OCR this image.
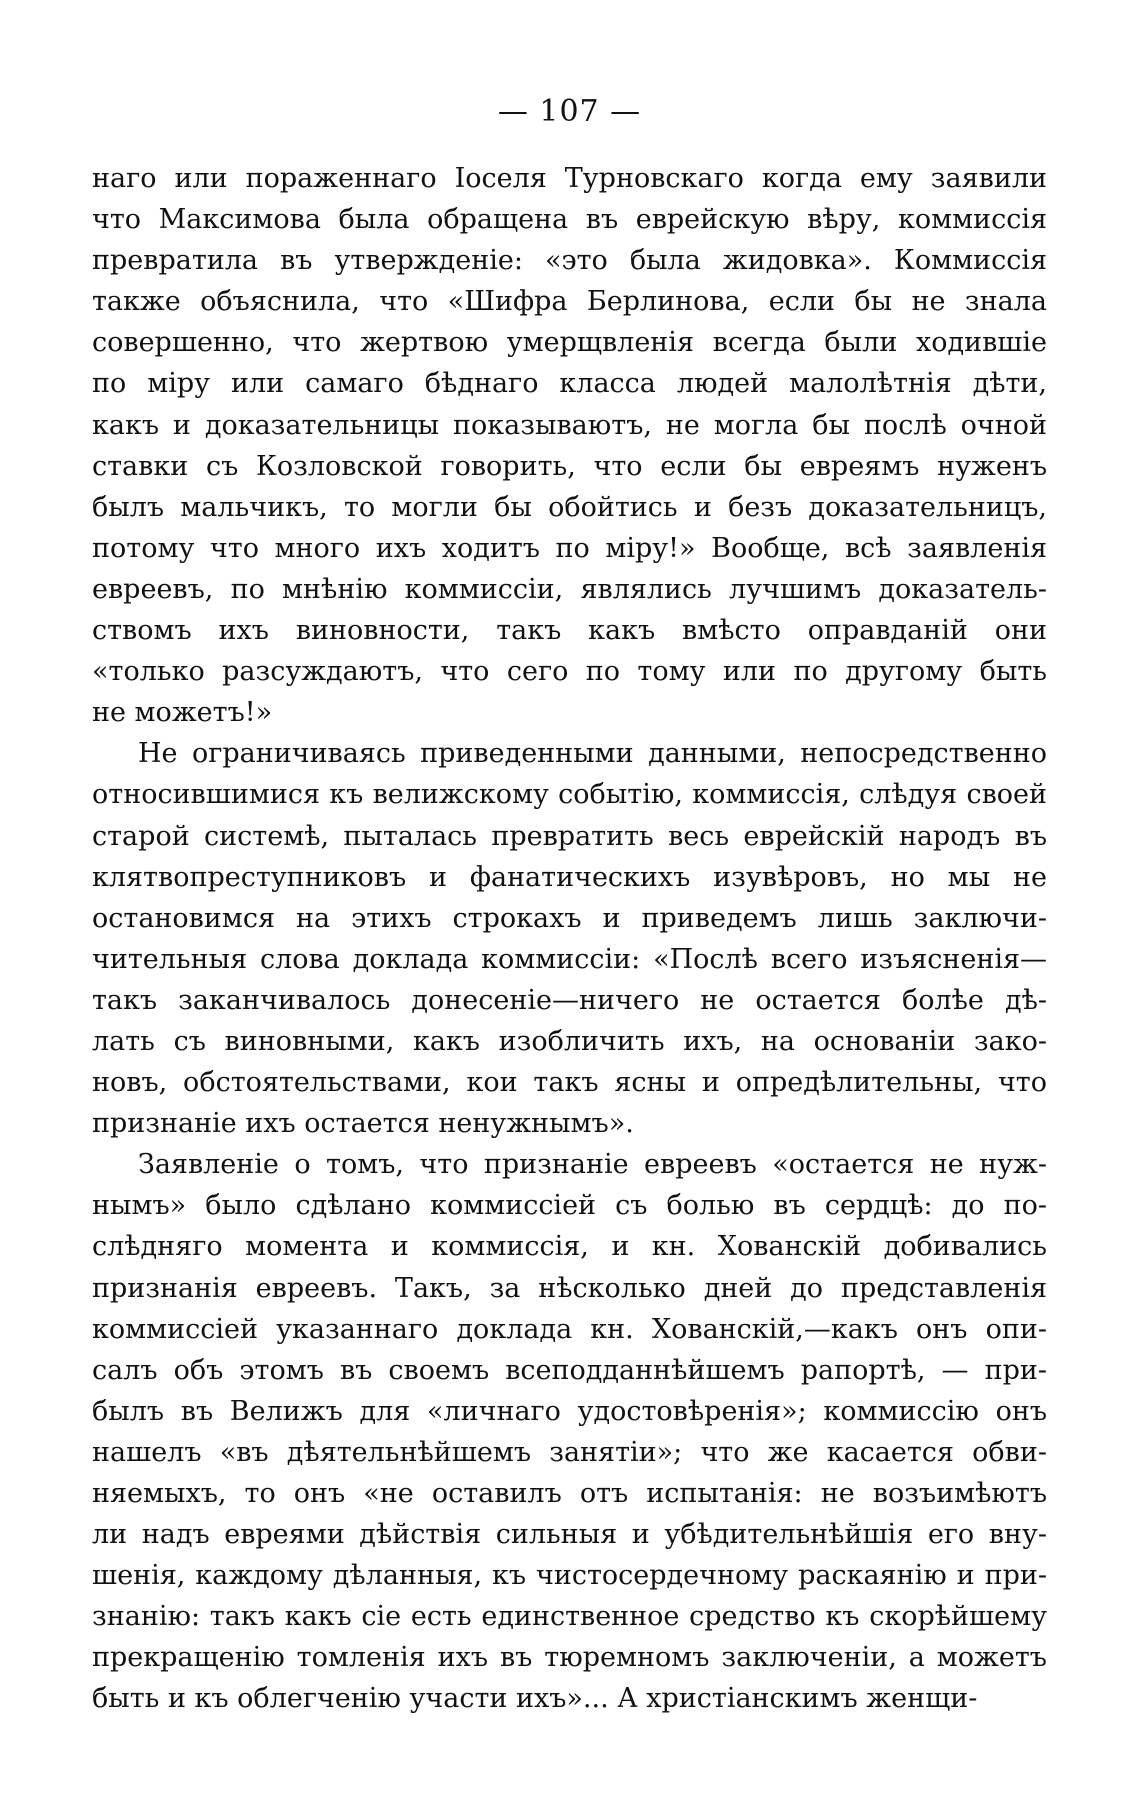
— 107 —
наго или пораженнаго Іоселя Турновскаго когда ему заявили
что Максимова была обращена въ еврейскую вѣру, коммиссія
превратила въ утвержденіе: «это была жидовка». Коммиссія
также объяснила, что «Шифра Берлинова, если бы не знала
совершенно, что жертвою умерщвленія всегда были ходившіе
по міру или самаго бѣднаго класса людей малолѣтнія дѣти,
какъ и доказательницы показываютъ, не могла бы послѣ очной
ставки съ Козловской говорить, что если бы евреямъ нуженъ
былъ мальчикъ, то могли бы обойтись и безъ доказательницъ,
потому что много ихъ ходитъ по міру!» Вообще, всѣ заявленія
евреевъ, по мнѣнію коммиссіи, являлись лучшимъ доказатель-
ствомъ ихъ виновности, такъ какъ вмѣсто оправданій они
«только разсуждаютъ, что сего по тому или по другому быть
не можетъ!»
Не ограничиваясь приведенными данными, непосредственно
относившимися къ велижскому событію, коммиссія, слѣдуя своей
старой системѣ, пыталась превратить весь еврейскій народъ въ
клятвопреступниковъ и фанатическихъ изувѣровъ, но мы не
остановимся на этихъ строкахъ и приведемъ лишь заключи-
чительныя слова доклада коммиссіи: «Послѣ всего изъясненія—
такъ заканчивалось донесеніе—ничего не остается болѣе дѣ-
лать съ виновными, какъ изобличить ихъ, на основаніи зако-
новъ, обстоятельствами, кои такъ ясны и опредѣлительны, что
признаніе ихъ остается ненужнымъ».
Заявленіе о томъ, что признаніе евреевъ «остается не нуж-
нымъ» было сдѣлано коммиссіей съ болью въ сердцѣ: до по-
слѣдняго момента и коммиссія, и кн. Хованскій добивались
признанія евреевъ. Такъ, за нѣсколько дней до представленія
коммиссіей указаннаго доклада кн. Хованскій,—какъ онъ опи-
салъ объ этомъ въ своемъ всеподданнѣйшемъ рапортѣ, — при-
былъ въ Велижъ для «личнаго удостовѣренія»; коммиссію онъ
нашелъ «въ дѣятельнѣйшемъ занятіи»; что же касается обви-
няемыхъ, то онъ «не оставилъ отъ испытанія: не возъимѣютъ
ли надъ евреями дѣйствія сильныя и убѣдительнѣйшія его вну-
шенія, каждому дѣланныя, къ чистосердечному раскаянію и при-
знанію: такъ какъ сіе есть единственное средство къ скорѣйшему
прекращенію томленія ихъ въ тюремномъ заключеніи, а можетъ
быть и къ облегченію участи ихъ»... А христіанскимъ женщи-
